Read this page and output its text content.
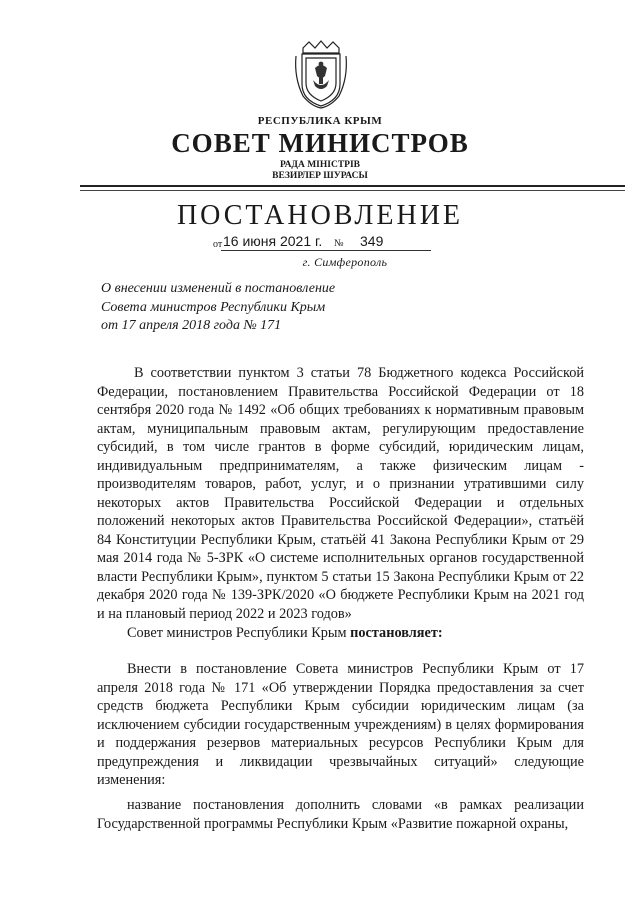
РЕСПУБЛИКА КРЫМ
СОВЕТ МИНИСТРОВ
РАДА МІНІСТРІВ
ВЕЗИРЛЕР ШУРАСЫ
ПОСТАНОВЛЕНИЕ
от 16 июня 2021 г. № 349
г. Симферополь
О внесении изменений в постановление
Совета министров Республики Крым
от 17 апреля 2018 года № 171
В соответствии пунктом 3 статьи 78 Бюджетного кодекса Российской Федерации, постановлением Правительства Российской Федерации от 18 сентября 2020 года № 1492 «Об общих требованиях к нормативным правовым актам, муниципальным правовым актам, регулирующим предоставление субсидий, в том числе грантов в форме субсидий, юридическим лицам, индивидуальным предпринимателям, а также физическим лицам - производителям товаров, работ, услуг, и о признании утратившими силу некоторых актов Правительства Российской Федерации и отдельных положений некоторых актов Правительства Российской Федерации», статьёй 84 Конституции Республики Крым, статьёй 41 Закона Республики Крым от 29 мая 2014 года № 5-ЗРК «О системе исполнительных органов государственной власти Республики Крым», пунктом 5 статьи 15 Закона Республики Крым от 22 декабря 2020 года № 139-ЗРК/2020 «О бюджете Республики Крым на 2021 год и на плановый период 2022 и 2023 годов»
Совет министров Республики Крым постановляет:
Внести в постановление Совета министров Республики Крым от 17 апреля 2018 года № 171 «Об утверждении Порядка предоставления за счет средств бюджета Республики Крым субсидии юридическим лицам (за исключением субсидии государственным учреждениям) в целях формирования и поддержания резервов материальных ресурсов Республики Крым для предупреждения и ликвидации чрезвычайных ситуаций» следующие изменения:
название постановления дополнить словами «в рамках реализации Государственной программы Республики Крым «Развитие пожарной охраны,
